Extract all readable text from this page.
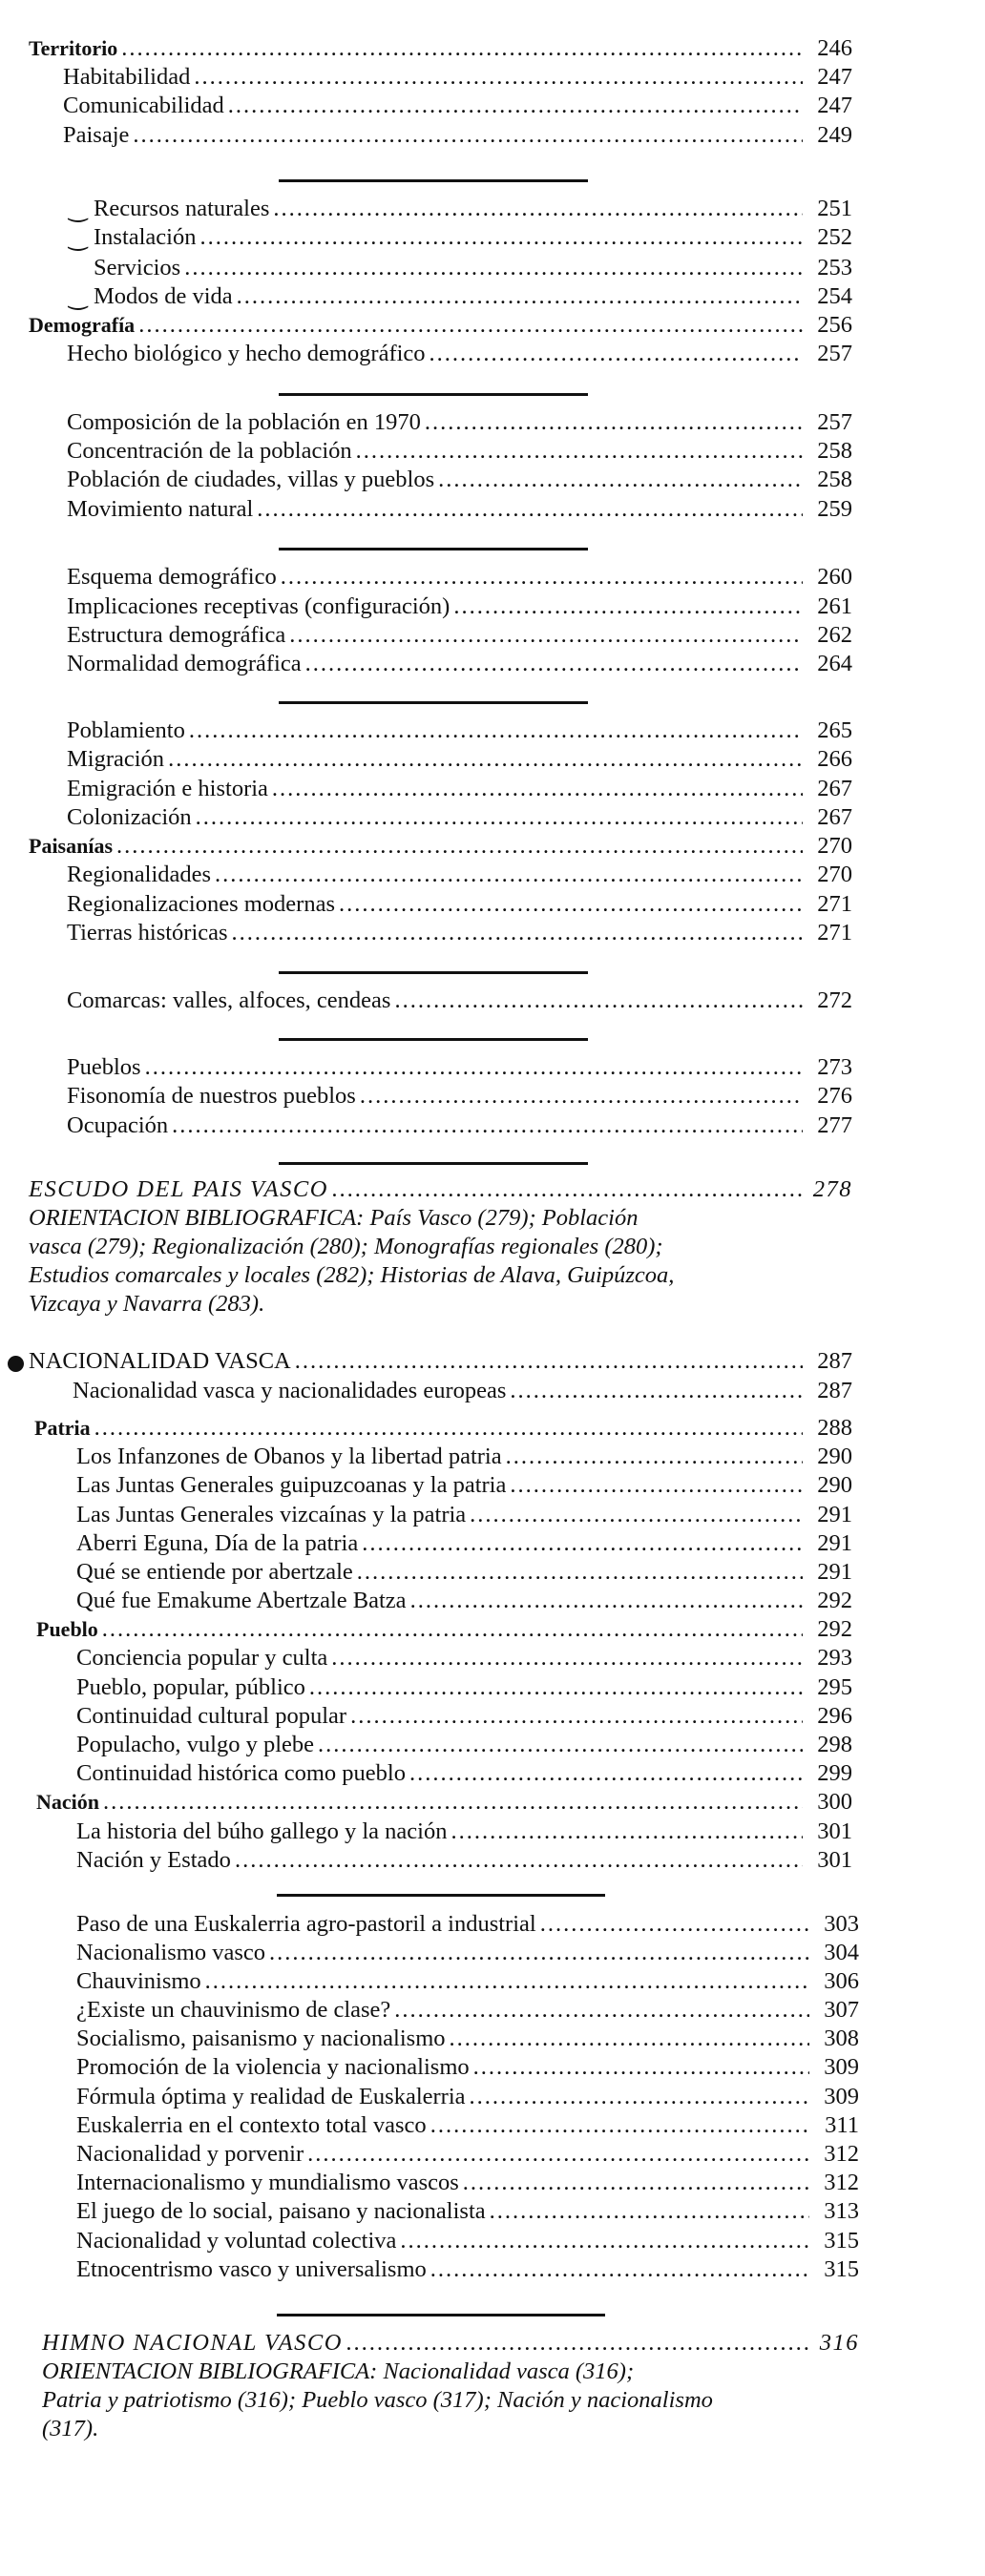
Territorio .....	246
Habitabilidad .....	247
Comunicabilidad .....	247
Paisaje .....	249
Recursos naturales .....	251
‿
Instalación .....	252
‿
Servicios .....	253
Modos de vida .....	254
‿
Demografía .....	256
Hecho biológico y hecho demográfico .....	257
Composición de la población en 1970 .....	257
Concentración de la población .....	258
Población de ciudades, villas y pueblos .....	258
Movimiento natural .....	259
Esquema demográfico .....	260
Implicaciones receptivas (configuración) .....	261
Estructura demográfica .....	262
Normalidad demográfica .....	264
Poblamiento .....	265
Migración .....	266
Emigración e historia .....	267
Colonización .....	267
Paisanías .....	270
Regionalidades .....	270
Regionalizaciones modernas .....	271
Tierras históricas .....	271
Comarcas: valles, alfoces, cendeas .....	272
Pueblos .....	273
Fisonomía de nuestros pueblos .....	276
Ocupación .....	277
ESCUDO DEL PAIS VASCO .....	278
NACIONALIDAD VASCA .....	287
Nacionalidad vasca y nacionalidades europeas .....	287
Patria .....	288
Los Infanzones de Obanos y la libertad patria .....	290
Las Juntas Generales guipuzcoanas y la patria .....	290
Las Juntas Generales vizcaínas y la patria .....	291
Aberri Eguna, Día de la patria .....	291
Qué se entiende por abertzale .....	291
Qué fue Emakume Abertzale Batza .....	292
Pueblo .....	292
Conciencia popular y culta .....	293
Pueblo, popular, público .....	295
Continuidad cultural popular .....	296
Populacho, vulgo y plebe .....	298
Continuidad histórica como pueblo .....	299
Nación .....	300
La historia del búho gallego y la nación .....	301
Nación y Estado .....	301
Paso de una Euskalerria agro-pastoril a industrial .....	303
Nacionalismo vasco .....	304
Chauvinismo .....	306
¿Existe un chauvinismo de clase? .....	307
Socialismo, paisanismo y nacionalismo .....	308
Promoción de la violencia y nacionalismo .....	309
Fórmula óptima y realidad de Euskalerria .....	309
Euskalerria en el contexto total vasco .....	311
Nacionalidad y porvenir .....	312
Internacionalismo y mundialismo vascos .....	312
El juego de lo social, paisano y nacionalista .....	313
Nacionalidad y voluntad colectiva .....	315
Etnocentrismo vasco y universalismo .....	315
HIMNO NACIONAL VASCO .....	316
ORIENTACION BIBLIOGRAFICA: País Vasco (279); Población
vasca (279); Regionalización (280); Monografías regionales (280);
Estudios comarcales y locales (282); Historias de Alava, Guipúzcoa,
Vizcaya y Navarra (283).
ORIENTACION BIBLIOGRAFICA: Nacionalidad vasca (316);
Patria y patriotismo (316); Pueblo vasco (317); Nación y nacionalismo
(317).
